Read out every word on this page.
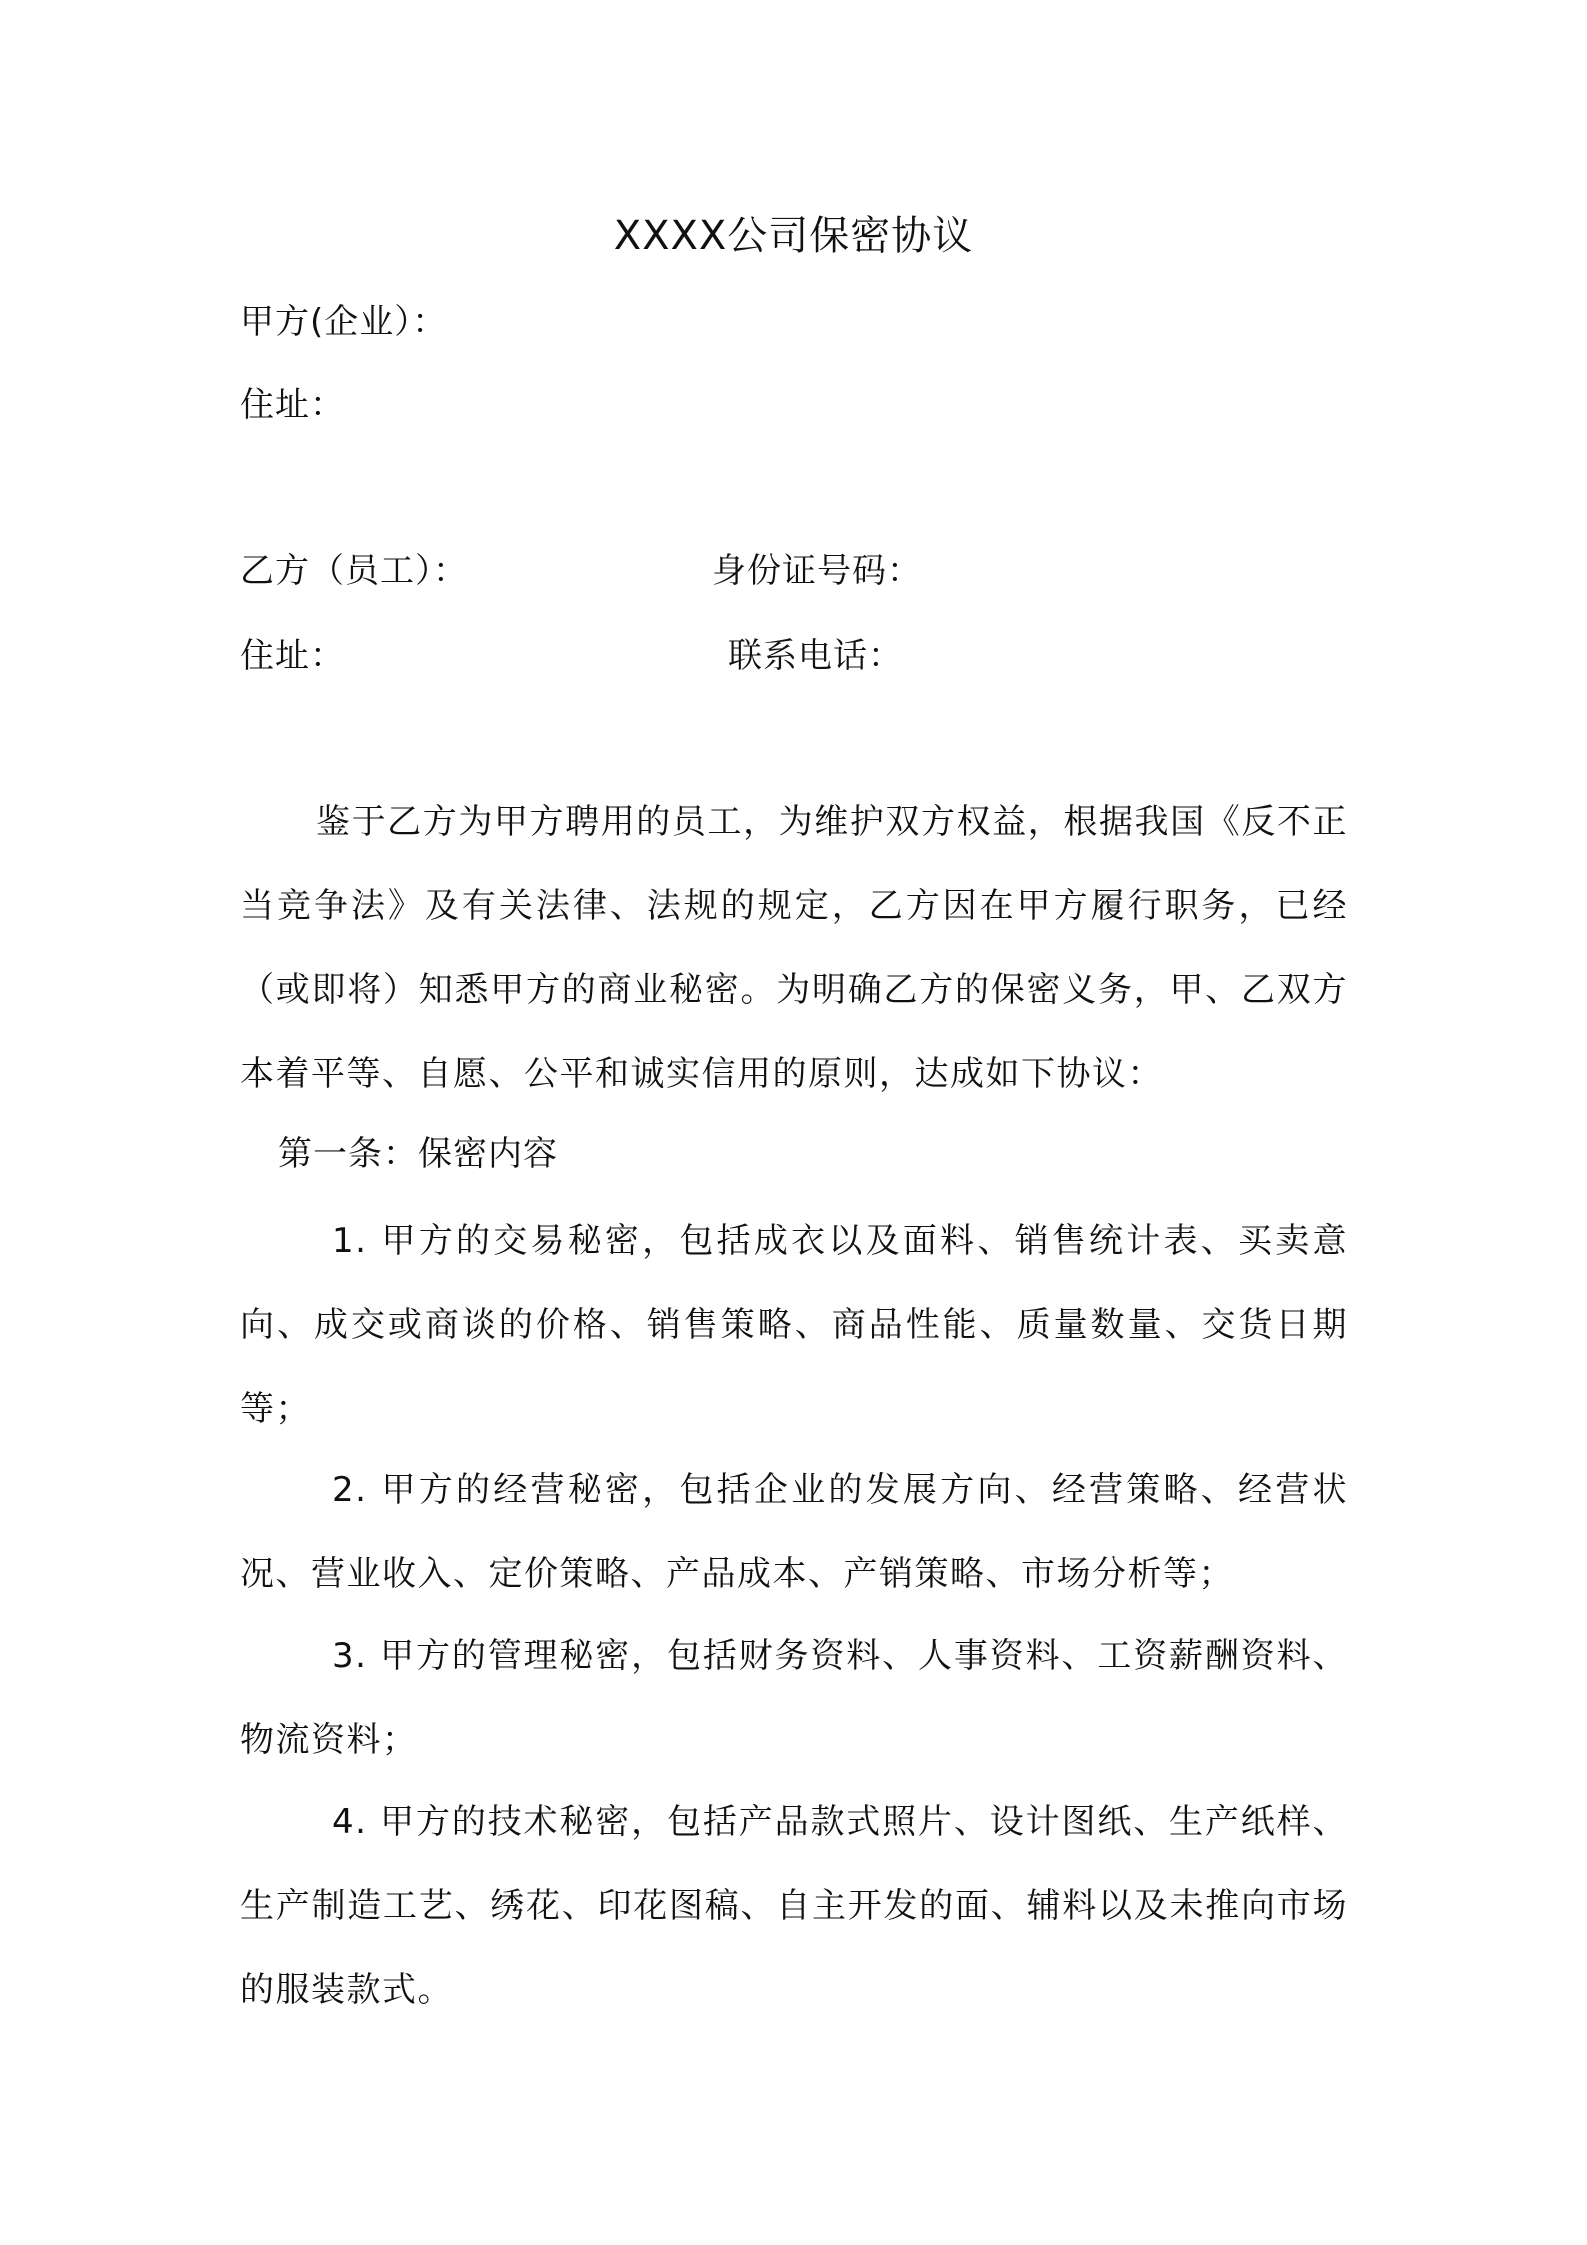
XXXX公司保密协议
甲方(企业）：
住址：
乙方（员工）：	身份证号码：
住址：	联系电话：
鉴于乙方为甲方聘用的员工，为维护双方权益，根据我国《反不正当竞争法》及有关法律、法规的规定，乙方因在甲方履行职务，已经（或即将）知悉甲方的商业秘密。为明确乙方的保密义务，甲、乙双方本着平等、自愿、公平和诚实信用的原则，达成如下协议：
第一条：保密内容
1. 甲方的交易秘密，包括成衣以及面料、销售统计表、买卖意向、成交或商谈的价格、销售策略、商品性能、质量数量、交货日期等；
2. 甲方的经营秘密，包括企业的发展方向、经营策略、经营状况、营业收入、定价策略、产品成本、产销策略、市场分析等；
3. 甲方的管理秘密，包括财务资料、人事资料、工资薪酬资料、物流资料；
4. 甲方的技术秘密，包括产品款式照片、设计图纸、生产纸样、生产制造工艺、绣花、印花图稿、自主开发的面、辅料以及未推向市场的服装款式。
